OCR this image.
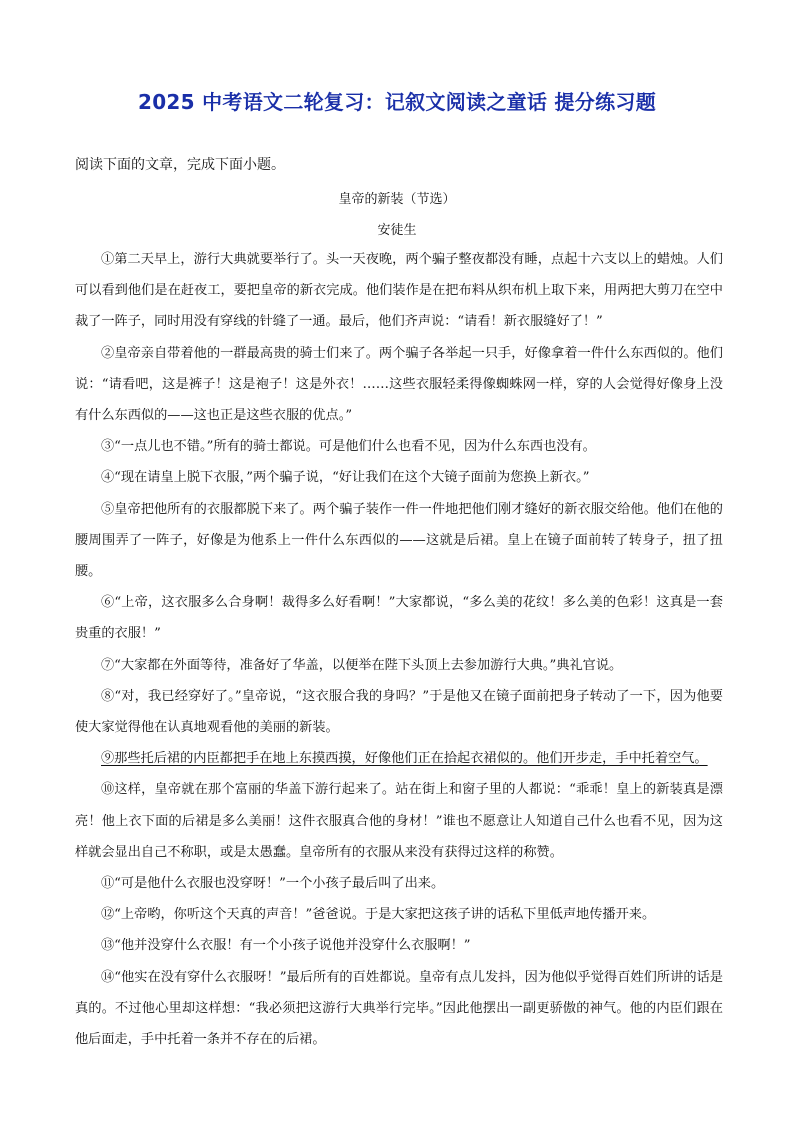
2025 中考语文二轮复习：记叙文阅读之童话 提分练习题
阅读下面的文章，完成下面小题。
皇帝的新装（节选）
安徒生

①第二天早上，游行大典就要举行了。头一天夜晚，两个骗子整夜都没有睡，点起十六支以上的蜡烛。人们可以看到他们是在赶夜工，要把皇帝的新衣完成。他们装作是在把布料从织布机上取下来，用两把大剪刀在空中裁了一阵子，同时用没有穿线的针缝了一通。最后，他们齐声说：“请看！新衣服缝好了！”

②皇帝亲自带着他的一群最高贵的骑士们来了。两个骗子各举起一只手，好像拿着一件什么东西似的。他们说：“请看吧，这是裤子！这是袍子！这是外衣！……这些衣服轻柔得像蜘蛛网一样，穿的人会觉得好像身上没有什么东西似的——这也正是这些衣服的优点。”

③“一点儿也不错。”所有的骑士都说。可是他们什么也看不见，因为什么东西也没有。

④“现在请皇上脱下衣服，”两个骗子说，“好让我们在这个大镜子面前为您换上新衣。”

⑤皇帝把他所有的衣服都脱下来了。两个骗子装作一件一件地把他们刚才缝好的新衣服交给他。他们在他的腰周围弄了一阵子，好像是为他系上一件什么东西似的——这就是后裙。皇上在镜子面前转了转身子，扭了扭腰。

⑥“上帝，这衣服多么合身啊！裁得多么好看啊！”大家都说，“多么美的花纹！多么美的色彩！这真是一套贵重的衣服！”

⑦“大家都在外面等待，准备好了华盖，以便举在陛下头顶上去参加游行大典。”典礼官说。

⑧“对，我已经穿好了。”皇帝说，“这衣服合我的身吗？”于是他又在镜子面前把身子转动了一下，因为他要使大家觉得他在认真地观看他的美丽的新装。

⑨那些托后裙的内臣都把手在地上东摸西摸，好像他们正在拾起衣裙似的。他们开步走，手中托着空气。

⑩这样，皇帝就在那个富丽的华盖下游行起来了。站在街上和窗子里的人都说：“乖乖！皇上的新装真是漂亮！他上衣下面的后裙是多么美丽！这件衣服真合他的身材！”谁也不愿意让人知道自己什么也看不见，因为这样就会显出自己不称职，或是太愚蠢。皇帝所有的衣服从来没有获得过这样的称赞。

⑪“可是他什么衣服也没穿呀！”一个小孩子最后叫了出来。

⑫“上帝哟，你听这个天真的声音！”爸爸说。于是大家把这孩子讲的话私下里低声地传播开来。

⑬“他并没穿什么衣服！有一个小孩子说他并没穿什么衣服啊！”

⑭“他实在没有穿什么衣服呀！”最后所有的百姓都说。皇帝有点儿发抖，因为他似乎觉得百姓们所讲的话是真的。不过他心里却这样想：“我必须把这游行大典举行完毕。”因此他摆出一副更骄傲的神气。他的内臣们跟在他后面走，手中托着一条并不存在的后裙。
